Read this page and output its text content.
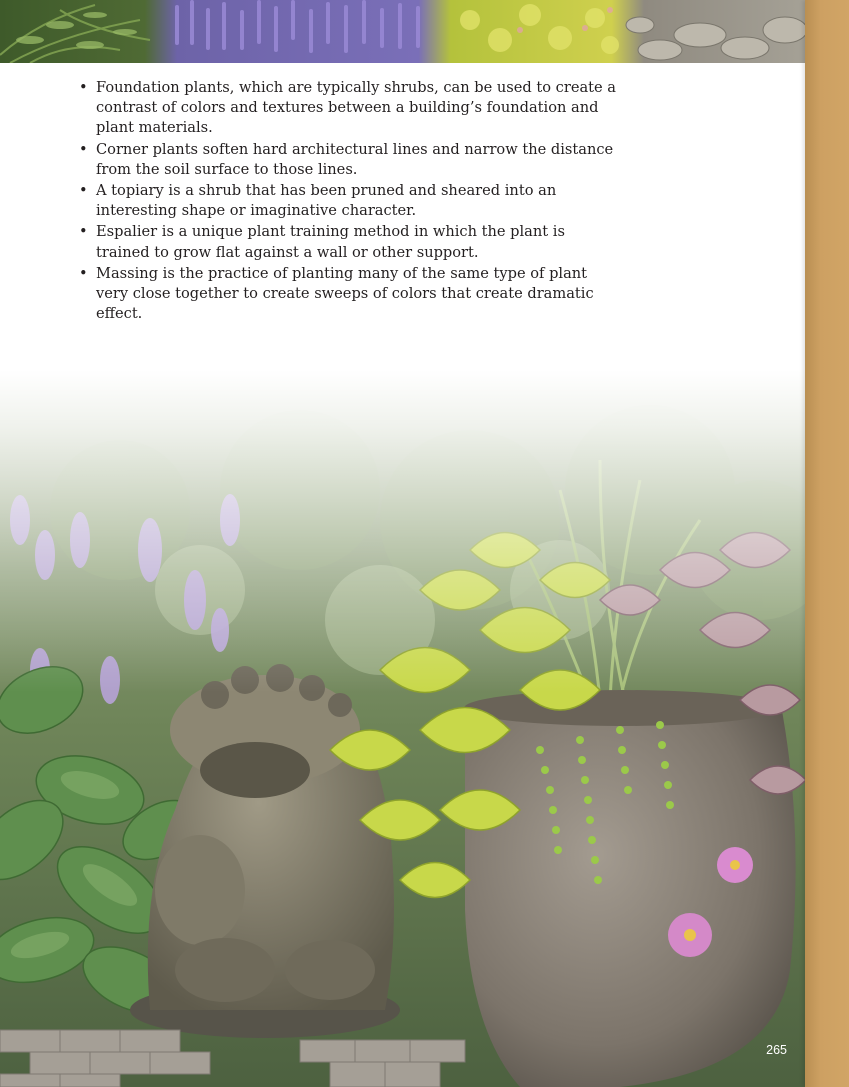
• Foundation plants, which are typically shrubs, can be used to create a contrast of colors and textures between a building’s foundation and plant materials.
• Corner plants soften hard architectural lines and narrow the distance from the soil surface to those lines.
• A topiary is a shrub that has been pruned and sheared into an interesting shape or imaginative character.
• Espalier is a unique plant training method in which the plant is trained to grow flat against a wall or other support.
• Massing is the practice of planting many of the same type of plant very close together to create sweeps of colors that create dramatic effect.
265
